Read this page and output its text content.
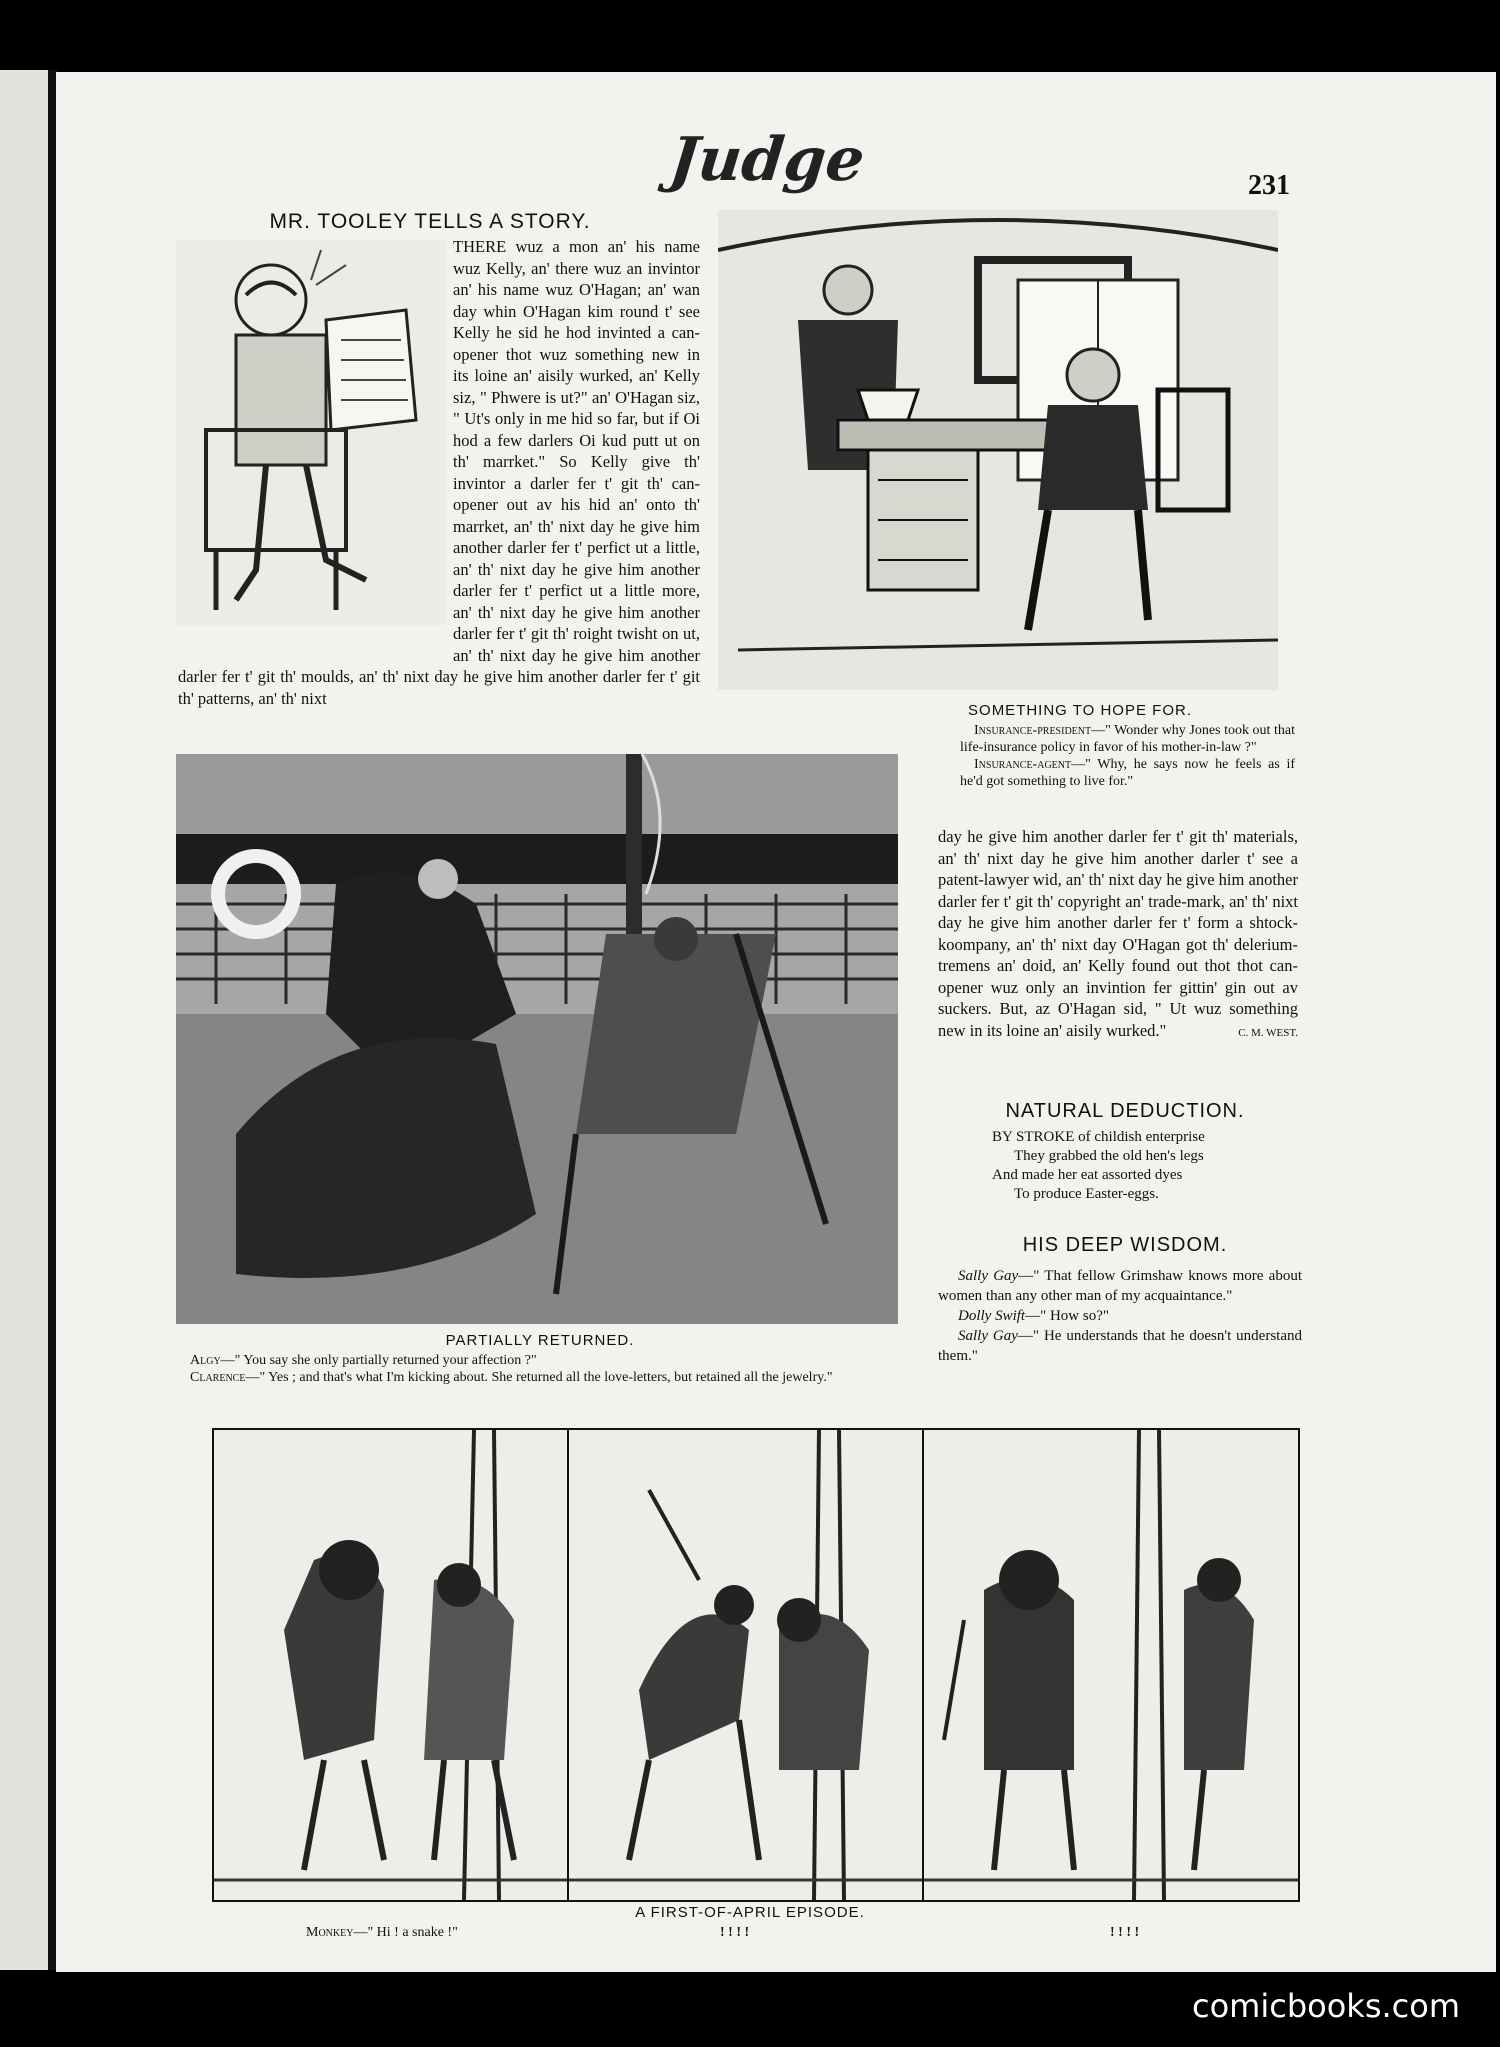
Judge	231
MR. TOOLEY TELLS A STORY.

THERE wuz a mon an' his name wuz Kelly, an' there wuz an invintor an' his name wuz O'Hagan; an' wan day whin O'Hagan kim round t' see Kelly he sid he hod invinted a can-opener thot wuz something new in its loine an' aisily wurked, an' Kelly siz, " Phwere is ut?" an' O'Hagan siz, " Ut's only in me hid so far, but if Oi hod a few darlers Oi kud putt ut on th' marrket." So Kelly give th' invintor a darler fer t' git th' can-opener out av his hid an' onto th' marrket, an' th' nixt day he give him another darler fer t' perfict ut a little, an' th' nixt day he give him another darler fer t' perfict ut a little more, an' th' nixt day he give him another darler fer t' git th' roight twisht on ut, an' th' nixt day he give him another darler fer t' git th' moulds, an' th' nixt day he give him another darler fer t' git th' patterns, an' th' nixt

SOMETHING TO HOPE FOR.
Insurance-president—" Wonder why Jones took out that life-insurance policy in favor of his mother-in-law ?"
Insurance-agent—" Why, he says now he feels as if he'd got something to live for."
PARTIALLY RETURNED.
Algy—" You say she only partially returned your affection ?"
Clarence—" Yes ; and that's what I'm kicking about. She returned all the love-letters, but retained all the jewelry."

day he give him another darler fer t' git th' materials, an' th' nixt day he give him another darler t' see a patent-lawyer wid, an' th' nixt day he give him another darler fer t' git th' copyright an' trade-mark, an' th' nixt day he give him another darler fer t' form a shtock-koompany, an' th' nixt day O'Hagan got th' delerium-tremens an' doid, an' Kelly found out thot thot can-opener wuz only an invintion fer gittin' gin out av suckers. But, az O'Hagan sid, " Ut wuz something new in its loine an' aisily wurked."	C. M. WEST.
NATURAL DEDUCTION.

BY STROKE of childish enterprise

They grabbed the old hen's legs

And made her eat assorted dyes

To produce Easter-eggs.

HIS DEEP WISDOM.
Sally Gay—" That fellow Grimshaw knows more about women than any other man of my acquaintance."
Dolly Swift—" How so?"
Sally Gay—" He understands that he doesn't understand them."
A FIRST-OF-APRIL EPISODE.
Monkey—" Hi ! a snake !"	! ! ! !	! ! ! !
comicbooks.com
